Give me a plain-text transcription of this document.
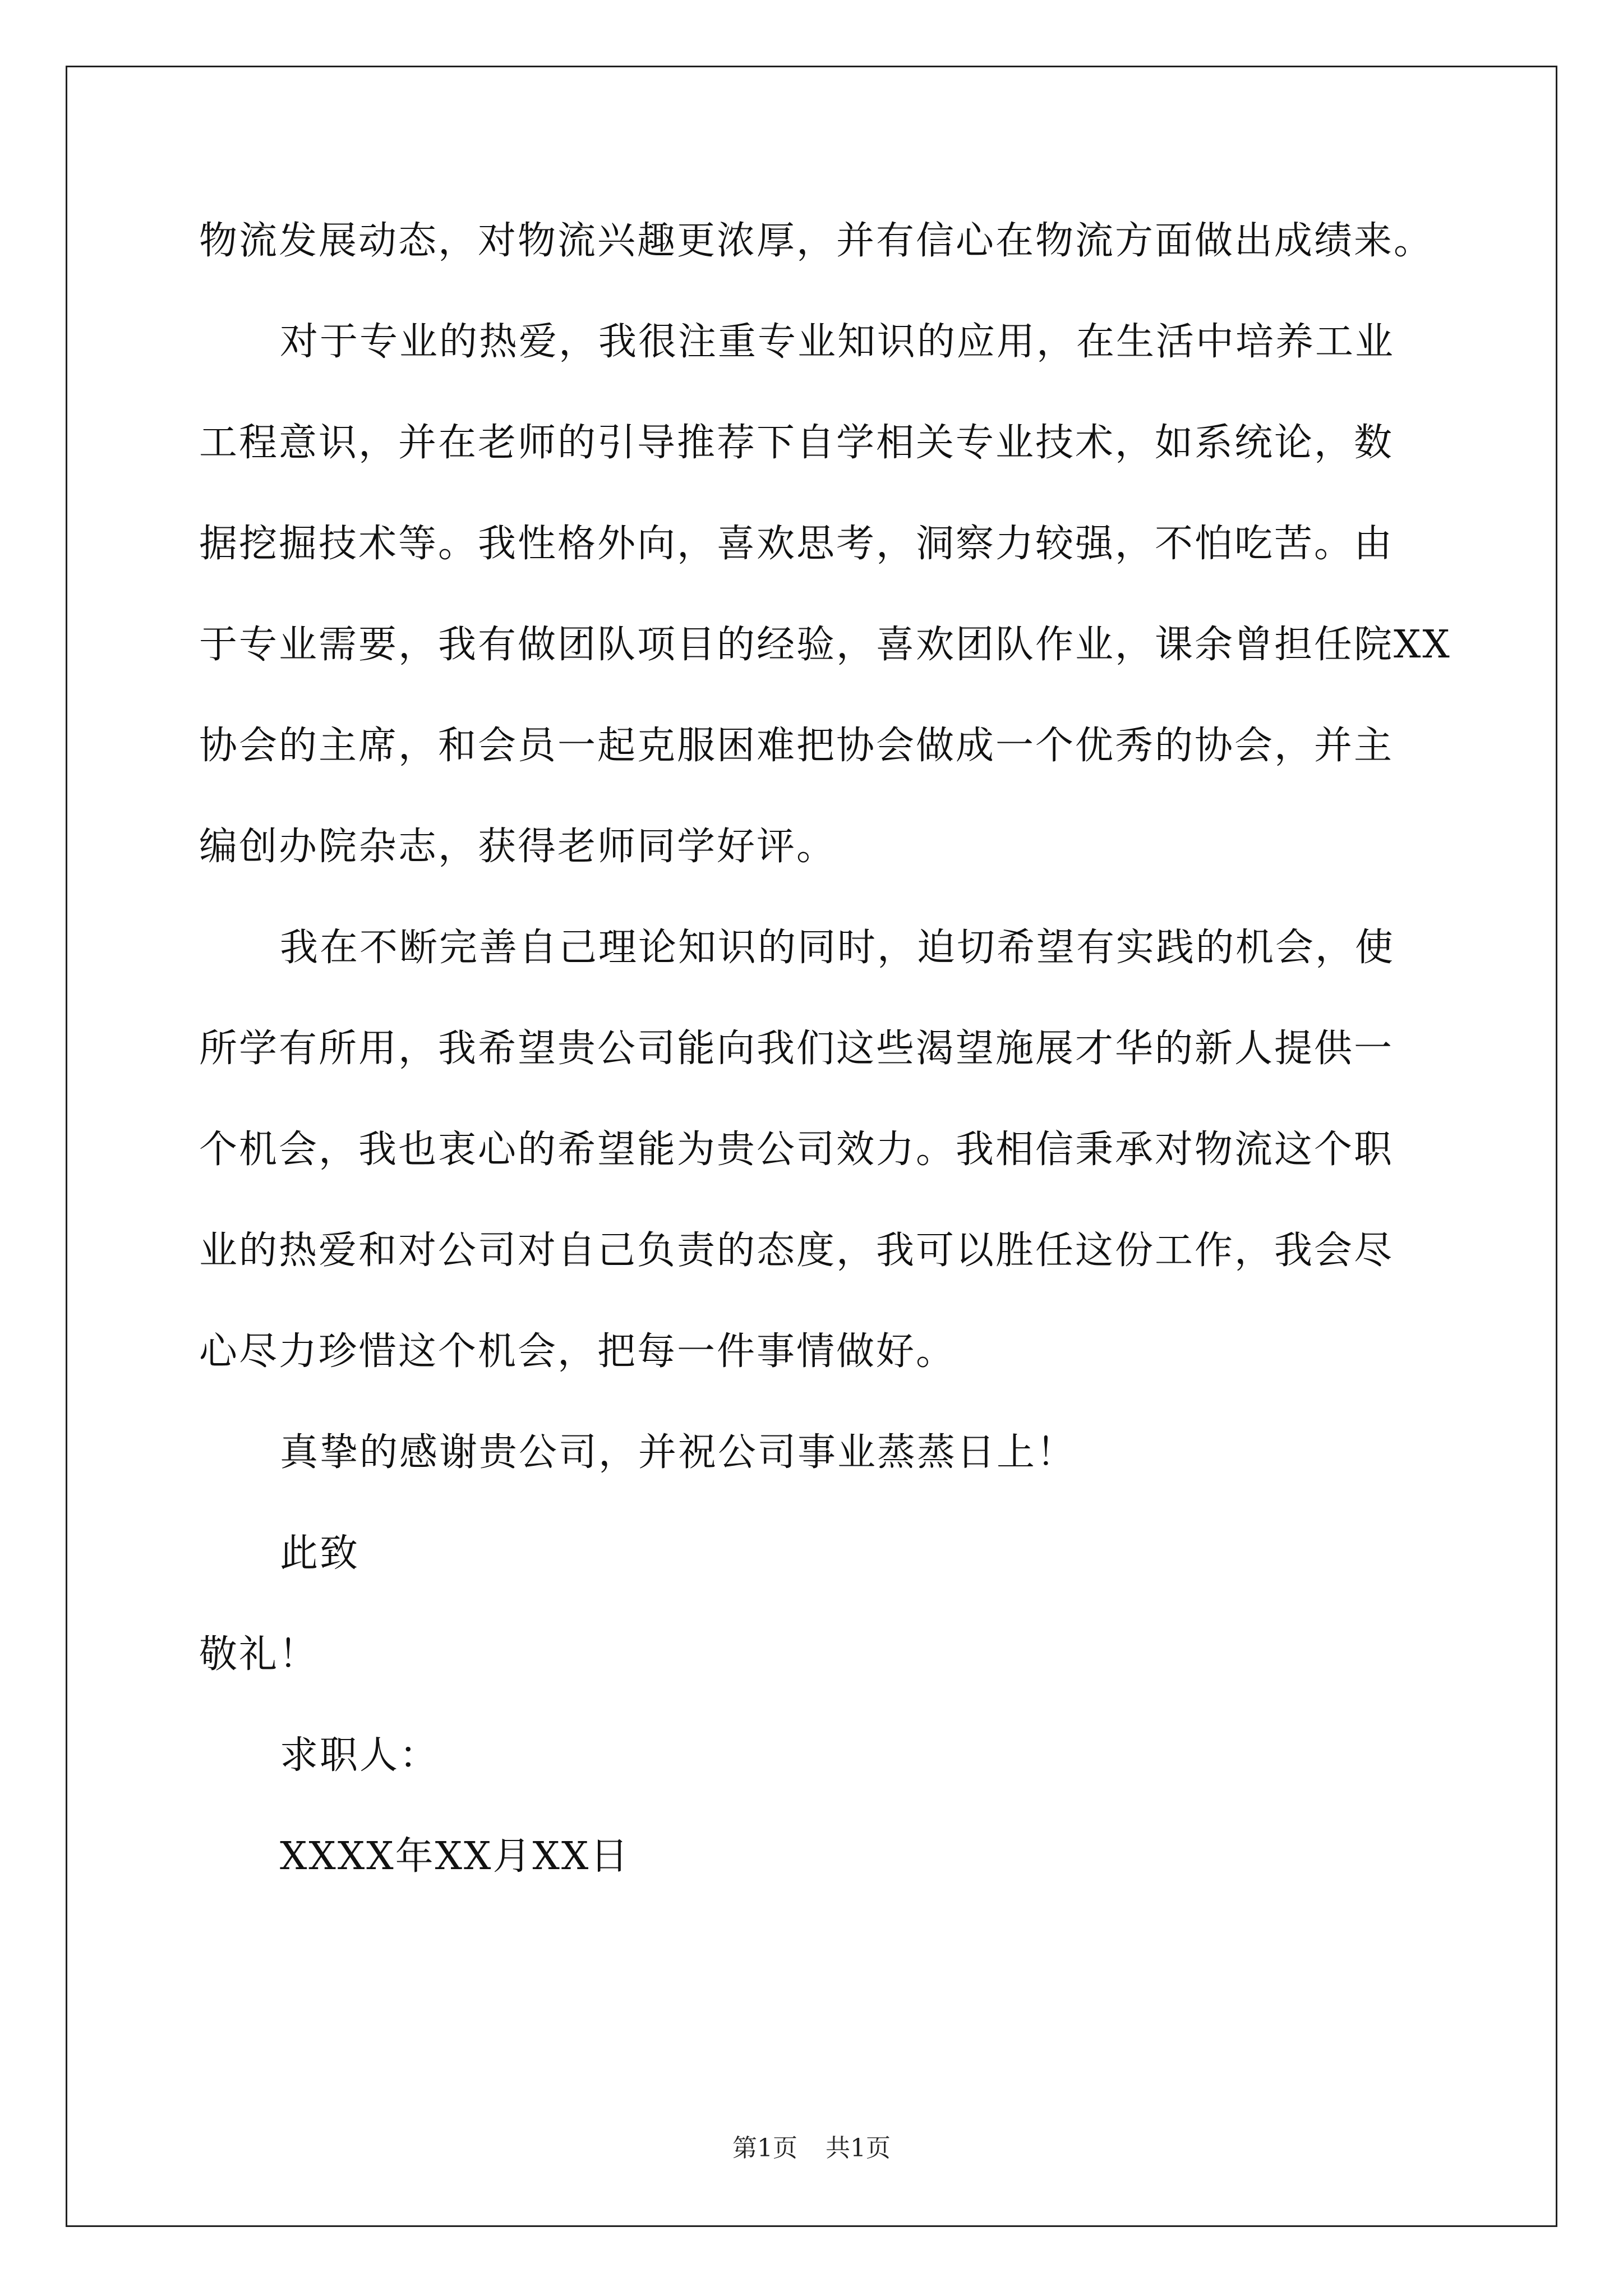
物流发展动态，对物流兴趣更浓厚，并有信心在物流方面做出成绩来。
对于专业的热爱，我很注重专业知识的应用，在生活中培养工业
工程意识，并在老师的引导推荐下自学相关专业技术，如系统论，数
据挖掘技术等。我性格外向，喜欢思考，洞察力较强，不怕吃苦。由
于专业需要，我有做团队项目的经验，喜欢团队作业，课余曾担任院XX
协会的主席，和会员一起克服困难把协会做成一个优秀的协会，并主
编创办院杂志，获得老师同学好评。
我在不断完善自己理论知识的同时，迫切希望有实践的机会，使
所学有所用，我希望贵公司能向我们这些渴望施展才华的新人提供一
个机会，我也衷心的希望能为贵公司效力。我相信秉承对物流这个职
业的热爱和对公司对自己负责的态度，我可以胜任这份工作，我会尽
心尽力珍惜这个机会，把每一件事情做好。
真挚的感谢贵公司，并祝公司事业蒸蒸日上！
此致
敬礼！
求职人：
XXXX年XX月XX日
第1页 共1页
